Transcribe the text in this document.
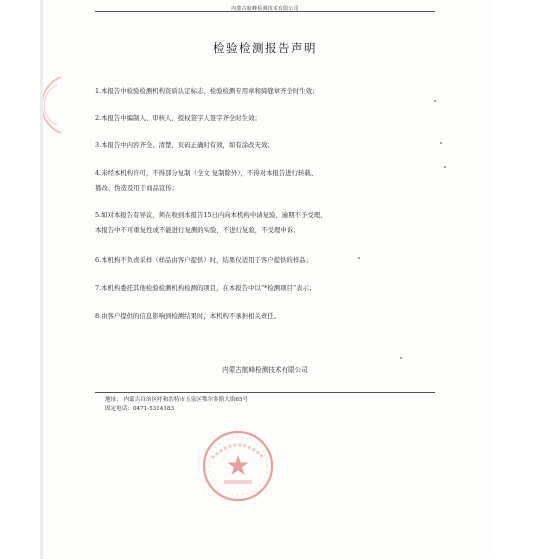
内蒙古航峰检测技术有限公司
检验检测报告声明
1.本报告中检验检测机构资质认定标志、检验检测专用章和骑缝章齐全时生效；
2.本报告中编制人、审核人、授权签字人签字齐全时生效；
3.本报告中内容齐全、清楚，页码正确时有效，如有涂改无效；
4.未经本机构许可，不得部分复制（全文 复制除外），不得对本报告进行转载、
篡改、伪造及用于商品宣传；
5.如对本报告有异议，须在收到本报告15日内向本机构申请复验，逾期不予受理，
本报告中不可重复性或不能进行复测的实验，不进行复验，不受理申诉；
6.本机构不负责采样（样品由客户提供）时，结果仅适用于客户提供的样品；
7.本机构委托其他检验检测机构检测的项目，在本报告中以“*检测项目”表示；
8.由客户提供的信息影响到检测结果时，本机构不承担相关责任。
内蒙古航峰检测技术有限公司
地址： 内蒙古自治区呼和浩特市玉泉区鄂尔多斯大街65号
固定电话：0471-5314183
